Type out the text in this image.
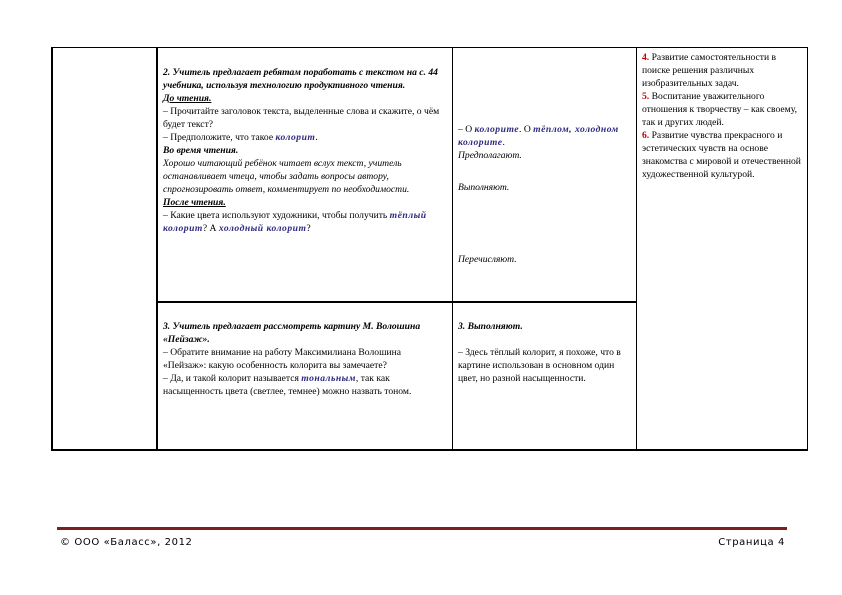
2. Учитель предлагает ребятам поработать с текстом на с. 44 учебника, используя технологию продуктивного чтения.

До чтения.

– Прочитайте заголовок текста, выделенные слова и скажите, о чём будет текст?

– Предположите, что такое колорит.

Во время чтения.

Хорошо читающий ребёнок читает вслух текст, учитель останавливает чтеца, чтобы задать вопросы автору, спрогнозировать ответ, комментирует по необходимости.

После чтения.

– Какие цвета используют художники, чтобы получить тёплый колорит? А холодный колорит?

– О колорите. О тёплом, холодном колорите.

Предполагают.

Выполняют.
Перечисляют.

3. Учитель предлагает рассмотреть картину М. Волошина «Пейзаж».

– Обратите внимание на работу Максимилиана Волошина «Пейзаж»: какую особенность колорита вы замечаете?

– Да, и такой колорит называется тональным, так как насыщенность цвета (светлее, темнее) можно назвать тоном.

3. Выполняют.

– Здесь тёплый колорит, я похоже, что в картине использован в основном один цвет, но разной насыщенности.

4. Развитие самостоятельности в поиске решения различных изобразительных задач.

5. Воспитание уважительного отношения к творчеству – как своему, так и других людей.

6. Развитие чувства прекрасного и эстетических чувств на основе знакомства с мировой и отечественной художественной культурой.

© ООО «Баласс», 2012	Страница 4
